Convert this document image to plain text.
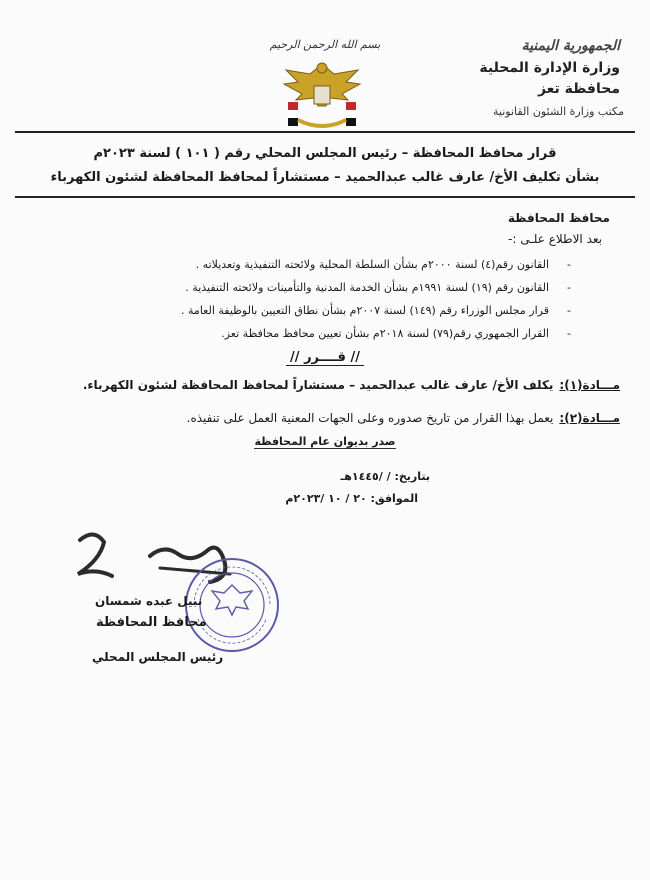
الجمهورية اليمنية
وزارة الإدارة المحلية
محافظة تعز
مكتب وزارة الشئون القانونية
بسم الله الرحمن الرحيم
قرار محافظ المحافظة – رئيس المجلس المحلي رقم ( ١٠١ ) لسنة ٢٠٢٣م
بشأن تكليف الأخ/ عارف غالب عبدالحميد – مستشاراً لمحافظ المحافظة لشئون الكهرباء
محافظ المحافظة
بعد الاطلاع علـى :-
-
القانون رقم(٤) لسنة ٢٠٠٠م بشأن السلطة المحلية ولائحته التنفيذية وتعديلاته .
-
القانون رقم (١٩) لسنة ١٩٩١م بشأن الخدمة المدنية والتأمينات ولائحته التنفيذية .
-
قرار مجلس الوزراء رقم (١٤٩) لسنة ٢٠٠٧م بشأن نطاق التعيين بالوظيفة العامة .
-
القرار الجمهوري رقم(٧٩) لسنة ٢٠١٨م بشأن تعيين محافظ محافظة تعز.
// قــــرر //
مـــادة(١):يكلف الأخ/ عارف غالب عبدالحميد – مستشاراً لمحافظ المحافظة لشئون الكهرباء.
مـــادة(٢):يعمل بهذا القرار من تاريخ صدوره وعلى الجهات المعنية العمل على تنفيذه.
صدر بديوان عام المحافظة
بتاريخ: / /١٤٤٥هـ
الموافق: ٢٠ / ١٠ /٢٠٢٣م
نبيل عبده شمسان
محافظ المحافظة
رئيس المجلس المحلي
